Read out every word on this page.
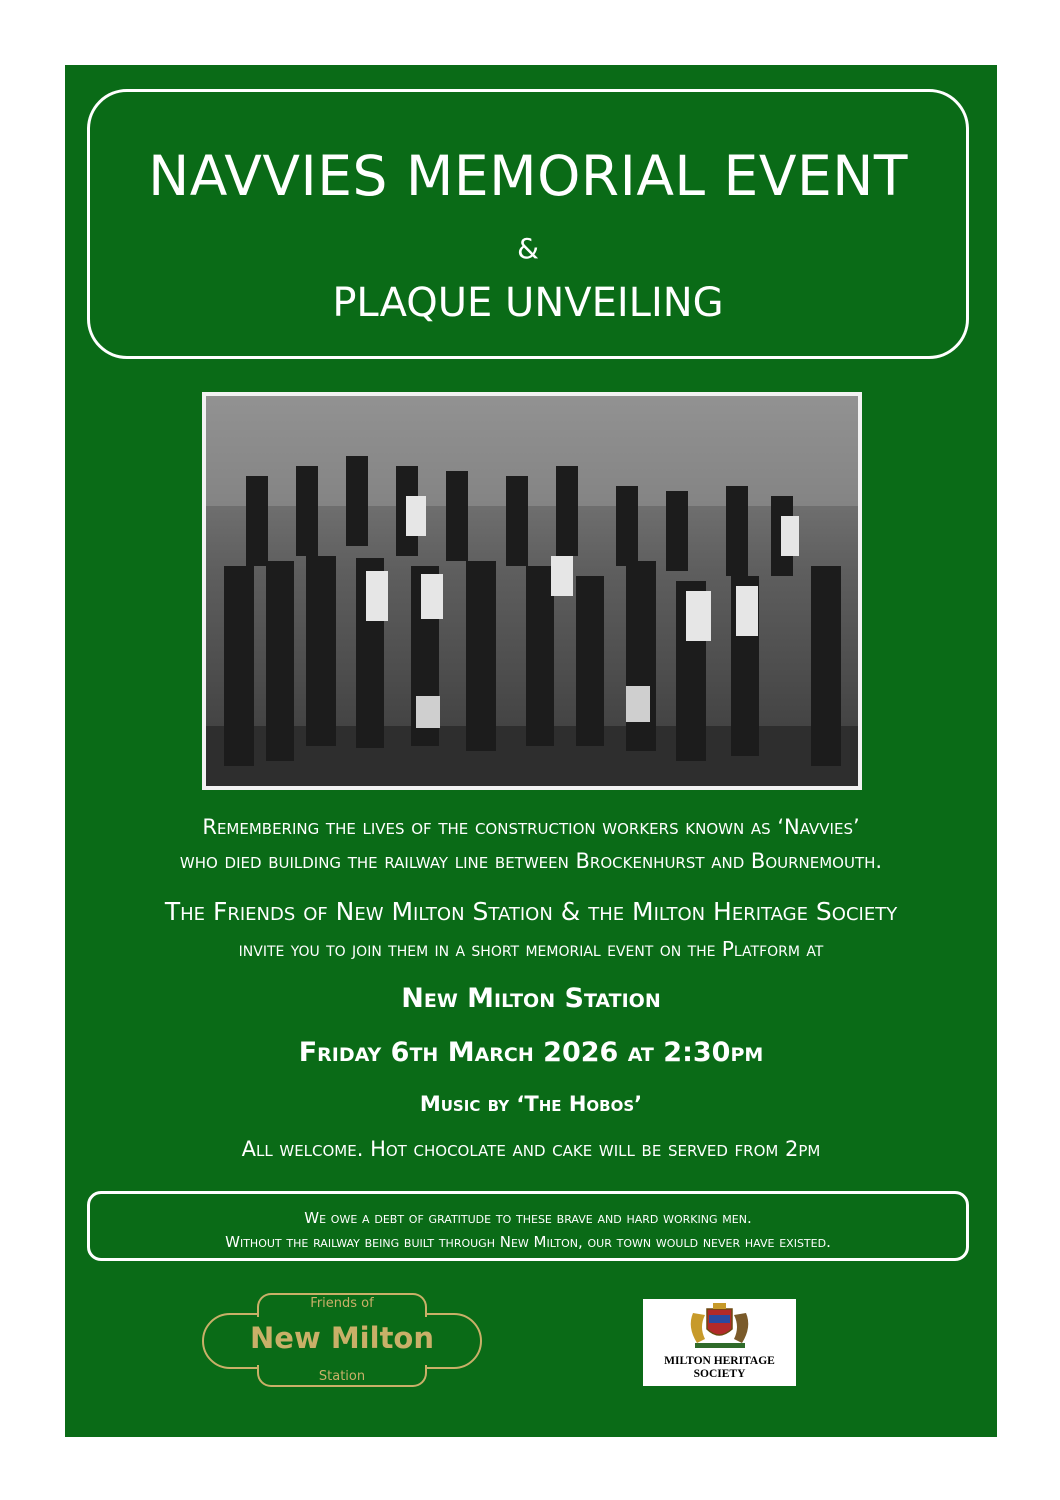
NAVVIES MEMORIAL EVENT
&
PLAQUE UNVEILING
Remembering the lives of the construction workers known as ‘Navvies’
who died building the railway line between Brockenhurst and Bournemouth.
The Friends of New Milton Station & the Milton Heritage Society
invite you to join them in a short memorial event on the Platform at
New Milton Station
Friday 6th March 2026 at 2:30pm
Music by ‘The Hobos’
All welcome. Hot chocolate and cake will be served from 2pm
We owe a debt of gratitude to these brave and hard working men.
Without the railway being built through New Milton, our town would never have existed.
Friends of
New Milton
Station
MILTON HERITAGE
SOCIETY
